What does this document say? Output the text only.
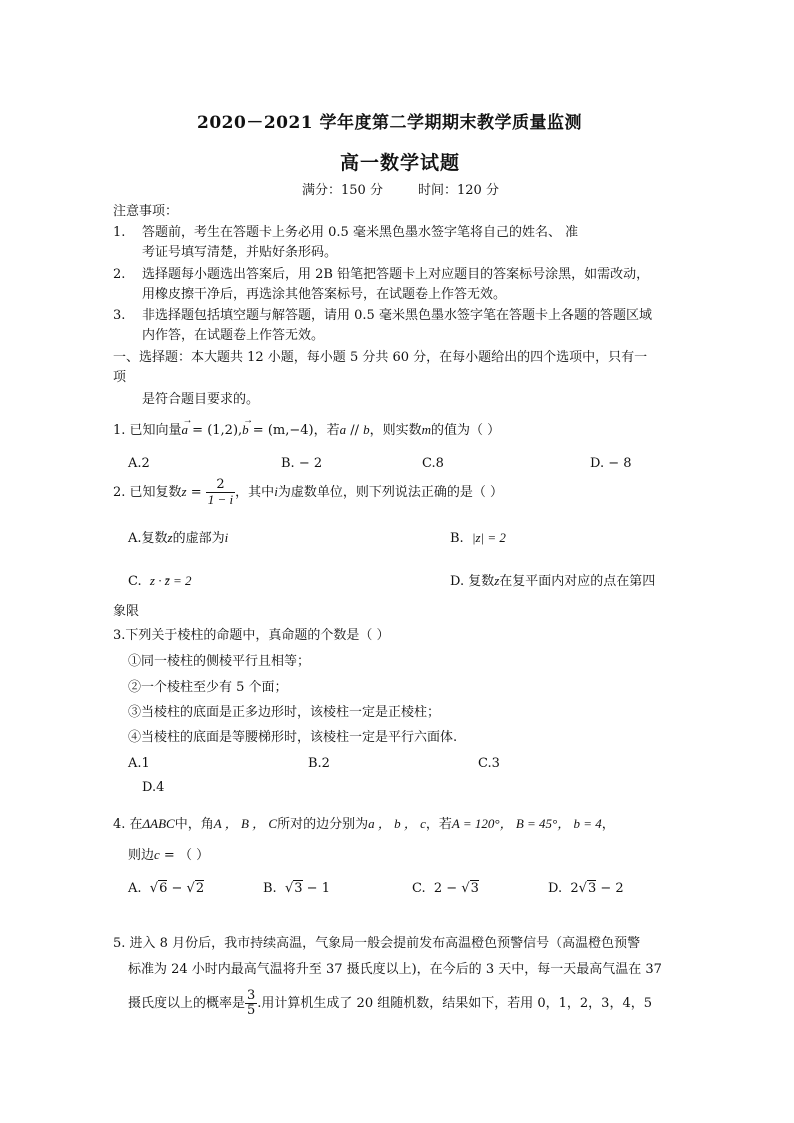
2020－2021 学年度第二学期期末教学质量监测
高一数学试题
满分：150 分	时间：120 分
注意事项：
1. 答题前，考生在答题卡上务必用 0.5 毫米黑色墨水签字笔将自己的姓名、 准
考证号填写清楚，并贴好条形码。
2. 选择题每小题选出答案后，用 2B 铅笔把答题卡上对应题目的答案标号涂黑，如需改动，
用橡皮擦干净后，再选涂其他答案标号，在试题卷上作答无效。
3. 非选择题包括填空题与解答题，请用 0.5 毫米黑色墨水签字笔在答题卡上各题的答题区域
内作答，在试题卷上作答无效。
一、选择题：本大题共 12 小题，每小题 5 分共 60 分，在每小题给出的四个选项中，只有一
项
是符合题目要求的。
1. 已知向量
→
a = (1,2),
→
b = (m,−4)，若a // b，则实数m的值为（ ）
A.2	B. − 2	C.8	D. − 8
2. 已知复数$z = \frac{2}{1 - i}$ ，其中i为虚数单位，则下列说法正确的是（ ）
A.复数z的虚部为i	B. |z| = 2
C. z · z̄ = 2	D. 复数z在复平面内对应的点在第四
象限
3.下列关于棱柱的命题中，真命题的个数是（ ）
①同一棱柱的侧棱平行且相等；
②一个棱柱至少有 5 个面；
③当棱柱的底面是正多边形时，该棱柱一定是正棱柱；
④当棱柱的底面是等腰梯形时，该棱柱一定是平行六面体.
A.1	B.2	C.3
D.4
4. 在ΔABC中，角A ， B ， C所对的边分别为a ， b ， c，若A = 120°， B = 45°， b = 4，
则边c = （ ）
A. √6 − √2	B. √3 − 1	C. 2 − √3	D. 2√3 − 2
5. 进入 8 月份后，我市持续高温，气象局一般会提前发布高温橙色预警信号（高温橙色预警
标准为 24 小时内最高气温将升至 37 摄氏度以上)，在今后的 3 天中，每一天最高气温在 37
摄氏度以上的概率是 $\frac{3}{5}$ .用计算机生成了 20 组随机数，结果如下，若用 0，1，2，3，4，5
